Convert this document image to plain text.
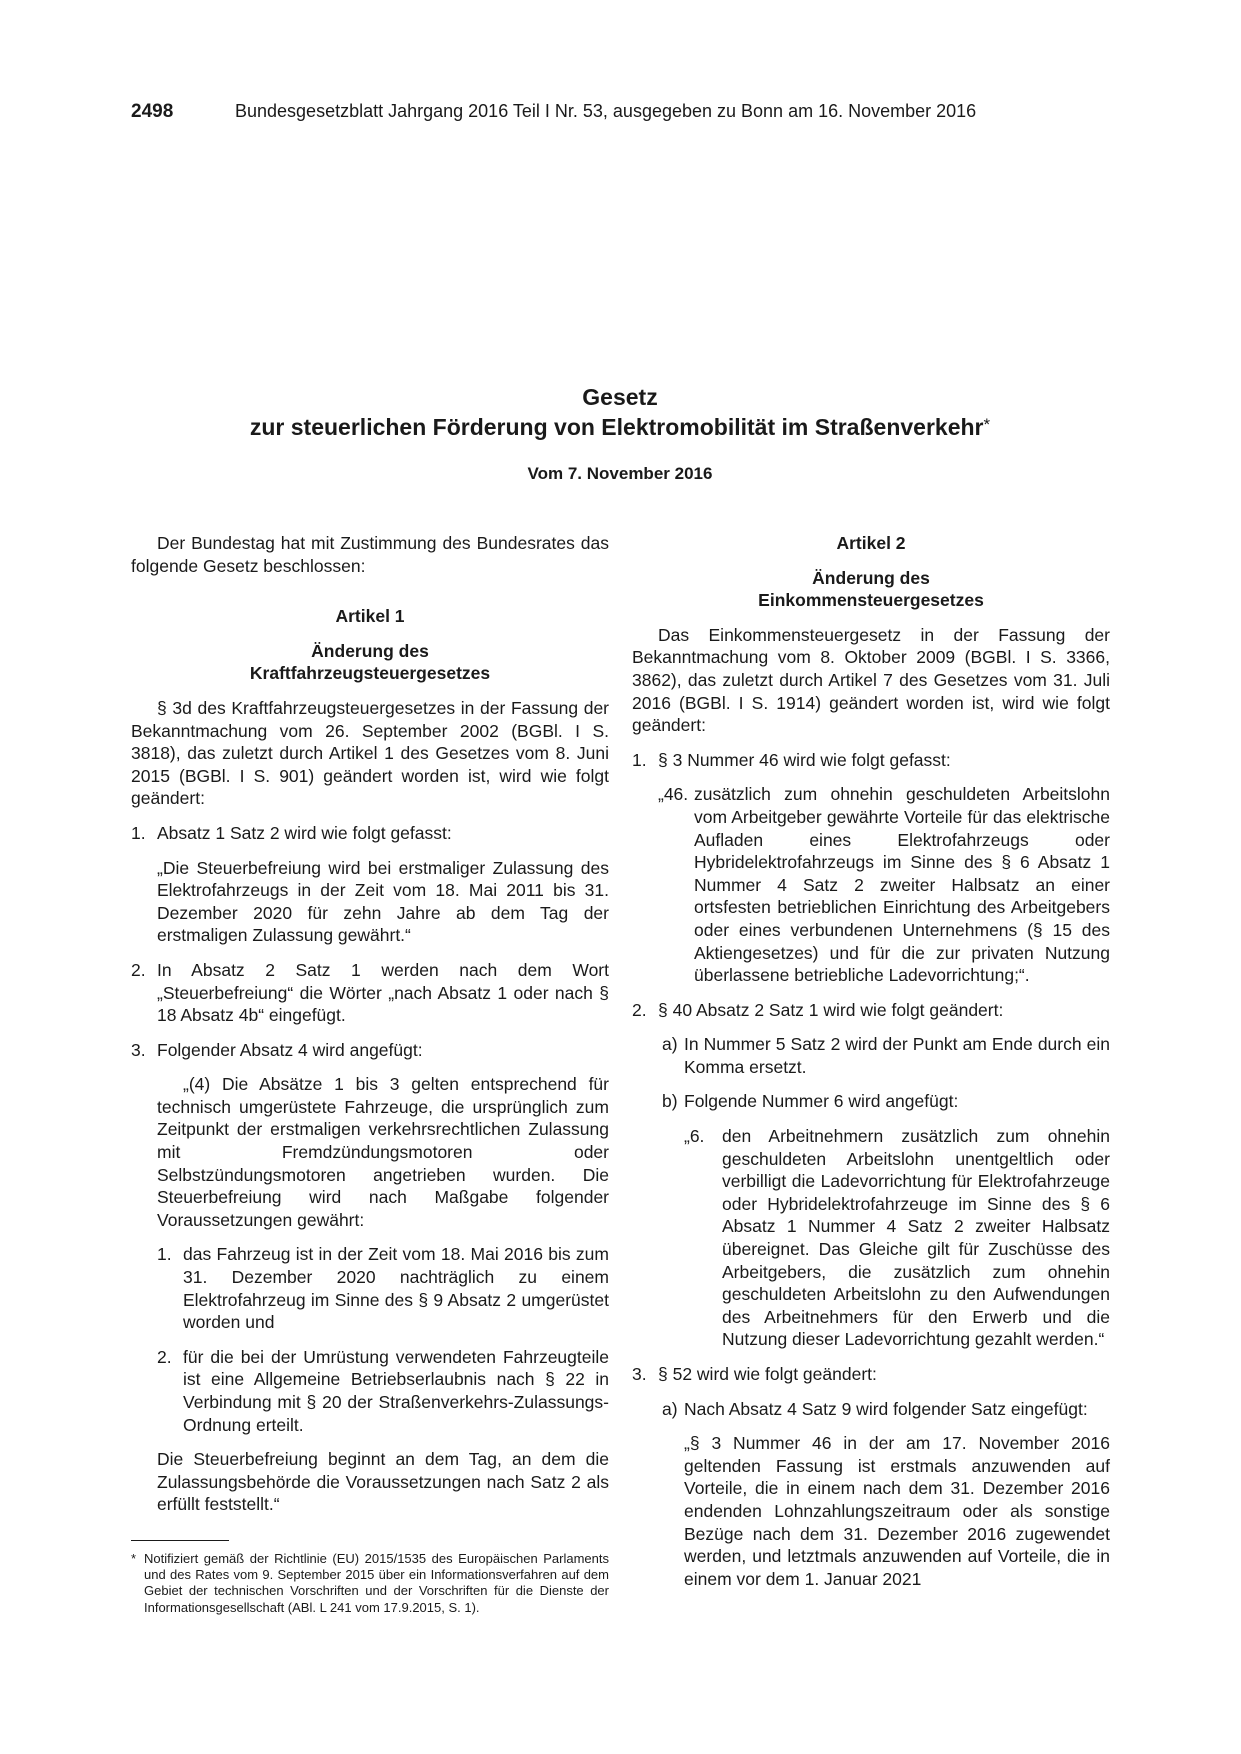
2498	Bundesgesetzblatt Jahrgang 2016 Teil I Nr. 53, ausgegeben zu Bonn am 16. November 2016
Gesetz
zur steuerlichen Förderung von Elektromobilität im Straßenverkehr*
Vom 7. November 2016

Der Bundestag hat mit Zustimmung des Bundesrates das folgende Gesetz beschlossen:

Artikel 1

Änderung des

Kraftfahrzeugsteuergesetzes

§ 3d des Kraftfahrzeugsteuergesetzes in der Fassung der Bekanntmachung vom 26. September 2002 (BGBl. I S. 3818), das zuletzt durch Artikel 1 des Gesetzes vom 8. Juni 2015 (BGBl. I S. 901) geändert worden ist, wird wie folgt geändert:

1. Absatz 1 Satz 2 wird wie folgt gefasst:

„Die Steuerbefreiung wird bei erstmaliger Zulassung des Elektrofahrzeugs in der Zeit vom 18. Mai 2011 bis 31. Dezember 2020 für zehn Jahre ab dem Tag der erstmaligen Zulassung gewährt.“

2. In Absatz 2 Satz 1 werden nach dem Wort „Steuerbefreiung“ die Wörter „nach Absatz 1 oder nach § 18 Absatz 4b“ eingefügt.

3. Folgender Absatz 4 wird angefügt:

„(4) Die Absätze 1 bis 3 gelten entsprechend für technisch umgerüstete Fahrzeuge, die ursprünglich zum Zeitpunkt der erstmaligen verkehrsrechtlichen Zulassung mit Fremdzündungsmotoren oder Selbstzündungsmotoren angetrieben wurden. Die Steuerbefreiung wird nach Maßgabe folgender Voraussetzungen gewährt:

1. das Fahrzeug ist in der Zeit vom 18. Mai 2016 bis zum 31. Dezember 2020 nachträglich zu einem Elektrofahrzeug im Sinne des § 9 Absatz 2 umgerüstet worden und

2. für die bei der Umrüstung verwendeten Fahrzeugteile ist eine Allgemeine Betriebserlaubnis nach § 22 in Verbindung mit § 20 der Straßenverkehrs-Zulassungs-Ordnung erteilt.

Die Steuerbefreiung beginnt an dem Tag, an dem die Zulassungsbehörde die Voraussetzungen nach Satz 2 als erfüllt feststellt.“

Artikel 2

Änderung des

Einkommensteuergesetzes

Das Einkommensteuergesetz in der Fassung der Bekanntmachung vom 8. Oktober 2009 (BGBl. I S. 3366, 3862), das zuletzt durch Artikel 7 des Gesetzes vom 31. Juli 2016 (BGBl. I S. 1914) geändert worden ist, wird wie folgt geändert:

1. § 3 Nummer 46 wird wie folgt gefasst:

„46. zusätzlich zum ohnehin geschuldeten Arbeitslohn vom Arbeitgeber gewährte Vorteile für das elektrische Aufladen eines Elektrofahrzeugs oder Hybridelektrofahrzeugs im Sinne des § 6 Absatz 1 Nummer 4 Satz 2 zweiter Halbsatz an einer ortsfesten betrieblichen Einrichtung des Arbeitgebers oder eines verbundenen Unternehmens (§ 15 des Aktiengesetzes) und für die zur privaten Nutzung überlassene betriebliche Ladevorrichtung;“.

2. § 40 Absatz 2 Satz 1 wird wie folgt geändert:

a) In Nummer 5 Satz 2 wird der Punkt am Ende durch ein Komma ersetzt.

b) Folgende Nummer 6 wird angefügt:

„6. den Arbeitnehmern zusätzlich zum ohnehin geschuldeten Arbeitslohn unentgeltlich oder verbilligt die Ladevorrichtung für Elektrofahrzeuge oder Hybridelektrofahrzeuge im Sinne des § 6 Absatz 1 Nummer 4 Satz 2 zweiter Halbsatz übereignet. Das Gleiche gilt für Zuschüsse des Arbeitgebers, die zusätzlich zum ohnehin geschuldeten Arbeitslohn zu den Aufwendungen des Arbeitnehmers für den Erwerb und die Nutzung dieser Ladevorrichtung gezahlt werden.“

3. § 52 wird wie folgt geändert:

a) Nach Absatz 4 Satz 9 wird folgender Satz eingefügt:

„§ 3 Nummer 46 in der am 17. November 2016 geltenden Fassung ist erstmals anzuwenden auf Vorteile, die in einem nach dem 31. Dezember 2016 endenden Lohnzahlungszeitraum oder als sonstige Bezüge nach dem 31. Dezember 2016 zugewendet werden, und letztmals anzuwenden auf Vorteile, die in einem vor dem 1. Januar 2021

* Notifiziert gemäß der Richtlinie (EU) 2015/1535 des Europäischen Parlaments und des Rates vom 9. September 2015 über ein Informationsverfahren auf dem Gebiet der technischen Vorschriften und der Vorschriften für die Dienste der Informationsgesellschaft (ABl. L 241 vom 17.9.2015, S. 1).
